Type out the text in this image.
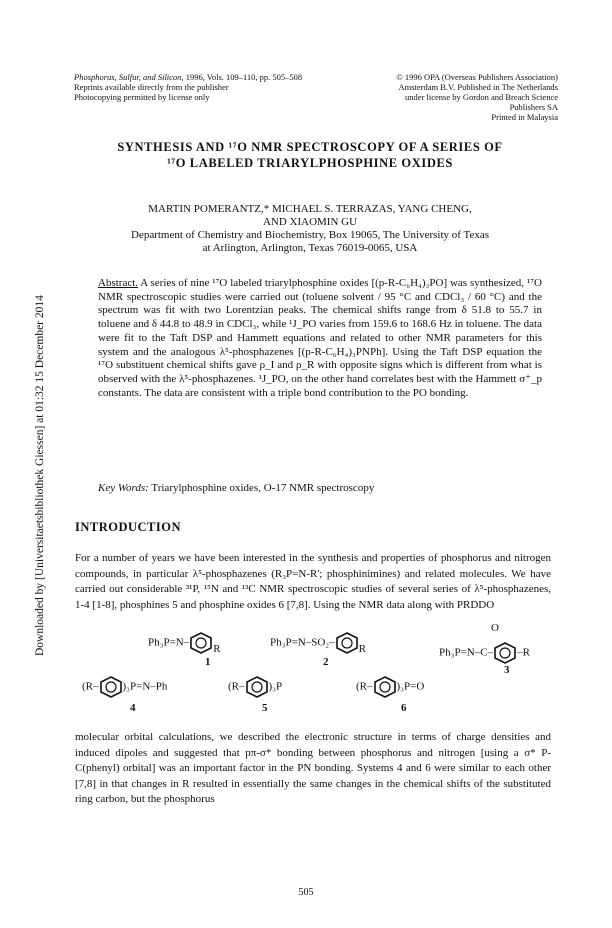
Downloaded by [Universitaetsbibliothek Giessen] at 01:32 15 December 2014
Phosphorus, Sulfur, and Silicon, 1996, Vols. 109–110, pp. 505–508
Reprints available directly from the publisher
Photocopying permitted by license only
© 1996 OPA (Overseas Publishers Association)
Amsterdam B.V. Published in The Netherlands
under license by Gordon and Breach Science
Publishers SA
Printed in Malaysia
SYNTHESIS AND ¹⁷O NMR SPECTROSCOPY OF A SERIES OF
¹⁷O LABELED TRIARYLPHOSPHINE OXIDES
MARTIN POMERANTZ,* MICHAEL S. TERRAZAS, YANG CHENG,
AND XIAOMIN GU
Department of Chemistry and Biochemistry, Box 19065, The University of Texas
at Arlington, Arlington, Texas 76019-0065, USA
Abstract. A series of nine ¹⁷O labeled triarylphosphine oxides [(p-R-C₆H₄)₃PO] was synthesized, ¹⁷O NMR spectroscopic studies were carried out (toluene solvent / 95 °C and CDCl₃ / 60 °C) and the spectrum was fit with two Lorentzian peaks. The chemical shifts range from δ 51.8 to 55.7 in toluene and δ 44.8 to 48.9 in CDCl₃, while ¹J_PO varies from 159.6 to 168.6 Hz in toluene. The data were fit to the Taft DSP and Hammett equations and related to other NMR parameters for this system and the analogous λ⁵-phosphazenes [(p-R-C₆H₄)₃PNPh]. Using the Taft DSP equation the ¹⁷O substituent chemical shifts gave ρ_I and ρ_R with opposite signs which is different from what is observed with the λ⁵-phosphazenes. ¹J_PO, on the other hand correlates best with the Hammett σ⁺_p constants. The data are consistent with a triple bond contribution to the PO bonding.
Key Words: Triarylphosphine oxides, O-17 NMR spectroscopy
INTRODUCTION
For a number of years we have been interested in the synthesis and properties of phosphorus and nitrogen compounds, in particular λ⁵-phosphazenes (R₃P=N-R'; phosphinimines) and related molecules. We have carried out considerable ³¹P, ¹⁵N and ¹³C NMR spectroscopic studies of several series of λ⁵-phosphazenes, 1-4 [1-8], phosphines 5 and phosphine oxides 6 [7,8]. Using the NMR data along with PRDDO
Ph₃P=N– R
1
Ph₃P=N–SO₂– R
2
O
Ph₃P=N–C– –R
3
(R– )₃P=N–Ph
4
(R– )₃P
5
(R– )₃P=O
6
molecular orbital calculations, we described the electronic structure in terms of charge densities and induced dipoles and suggested that pπ-σ* bonding between phosphorus and nitrogen [using a σ* P-C(phenyl) orbital] was an important factor in the PN bonding. Systems 4 and 6 were similar to each other [7,8] in that changes in R resulted in essentially the same changes in the chemical shifts of the substituted ring carbon, but the phosphorus
505
